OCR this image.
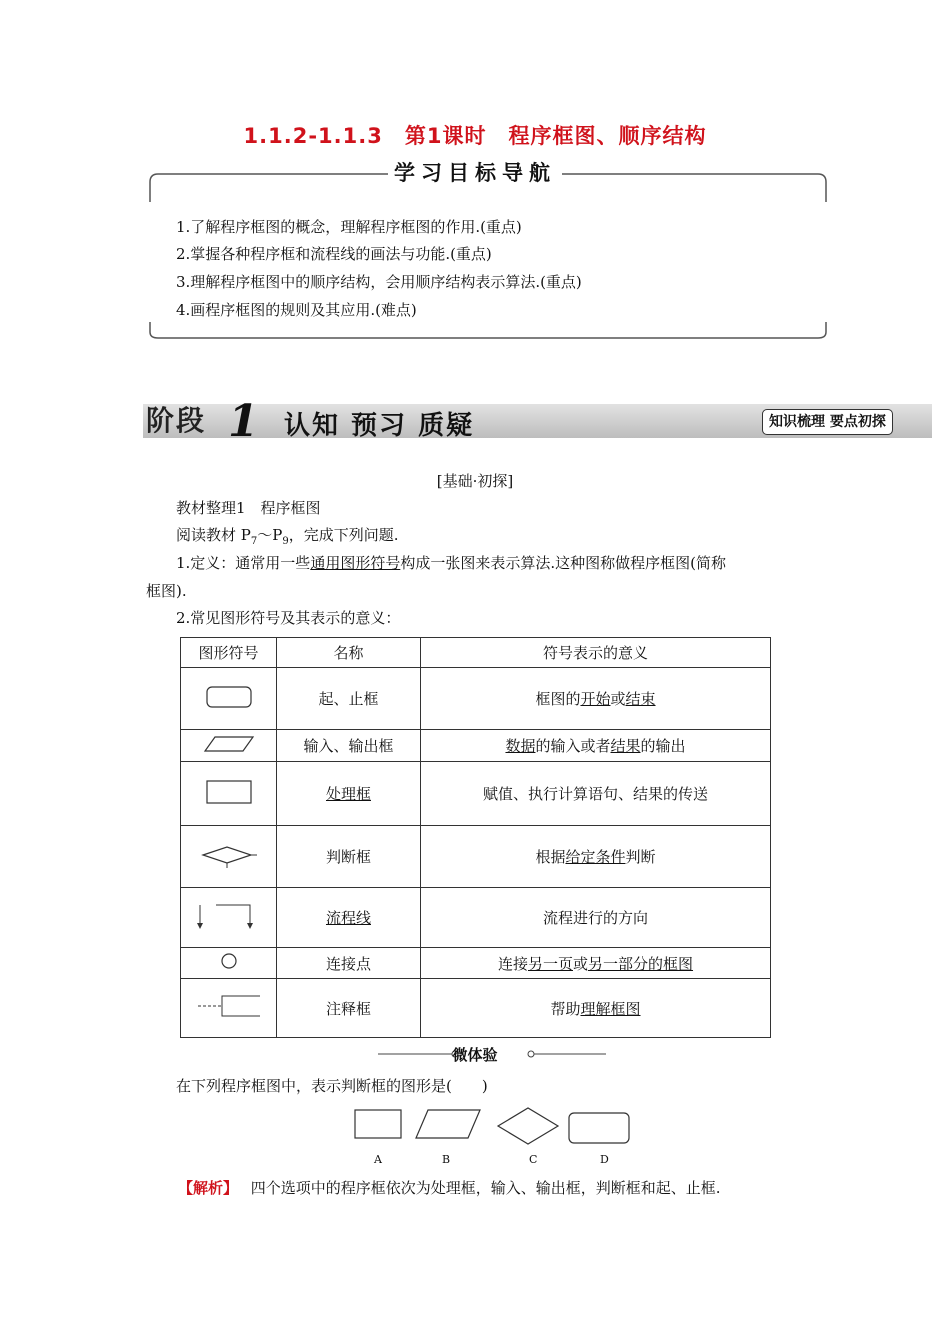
1.1.2-1.1.3　第1课时　程序框图、顺序结构
学习目标导航
1.了解程序框图的概念，理解程序框图的作用.(重点)
2.掌握各种程序框和流程线的画法与功能.(重点)
3.理解程序框图中的顺序结构，会用顺序结构表示算法.(重点)
4.画程序框图的规则及其应用.(难点)
阶段 1 认知 预习 质疑	知识梳理 要点初探
[基础·初探]
教材整理1　程序框图
阅读教材 $P_7\sim P_9$，完成下列问题.
1.定义：通常用一些通用图形符号构成一张图来表示算法.这种图称做程序框图(简称
框图).
2.常见图形符号及其表示的意义：
图形符号	名称	符号表示的意义
	起、止框	框图的开始或结束
	输入、输出框	数据的输入或者结果的输出
	处理框	赋值、执行计算语句、结果的传送
	判断框	根据给定条件判断
	流程线	流程进行的方向
	连接点	连接另一页或另一部分的框图
	注释框	帮助理解框图
微体验
在下列程序框图中，表示判断框的图形是(　　)
A	B	C	D
【解析】 四个选项中的程序框依次为处理框，输入、输出框，判断框和起、止框.
